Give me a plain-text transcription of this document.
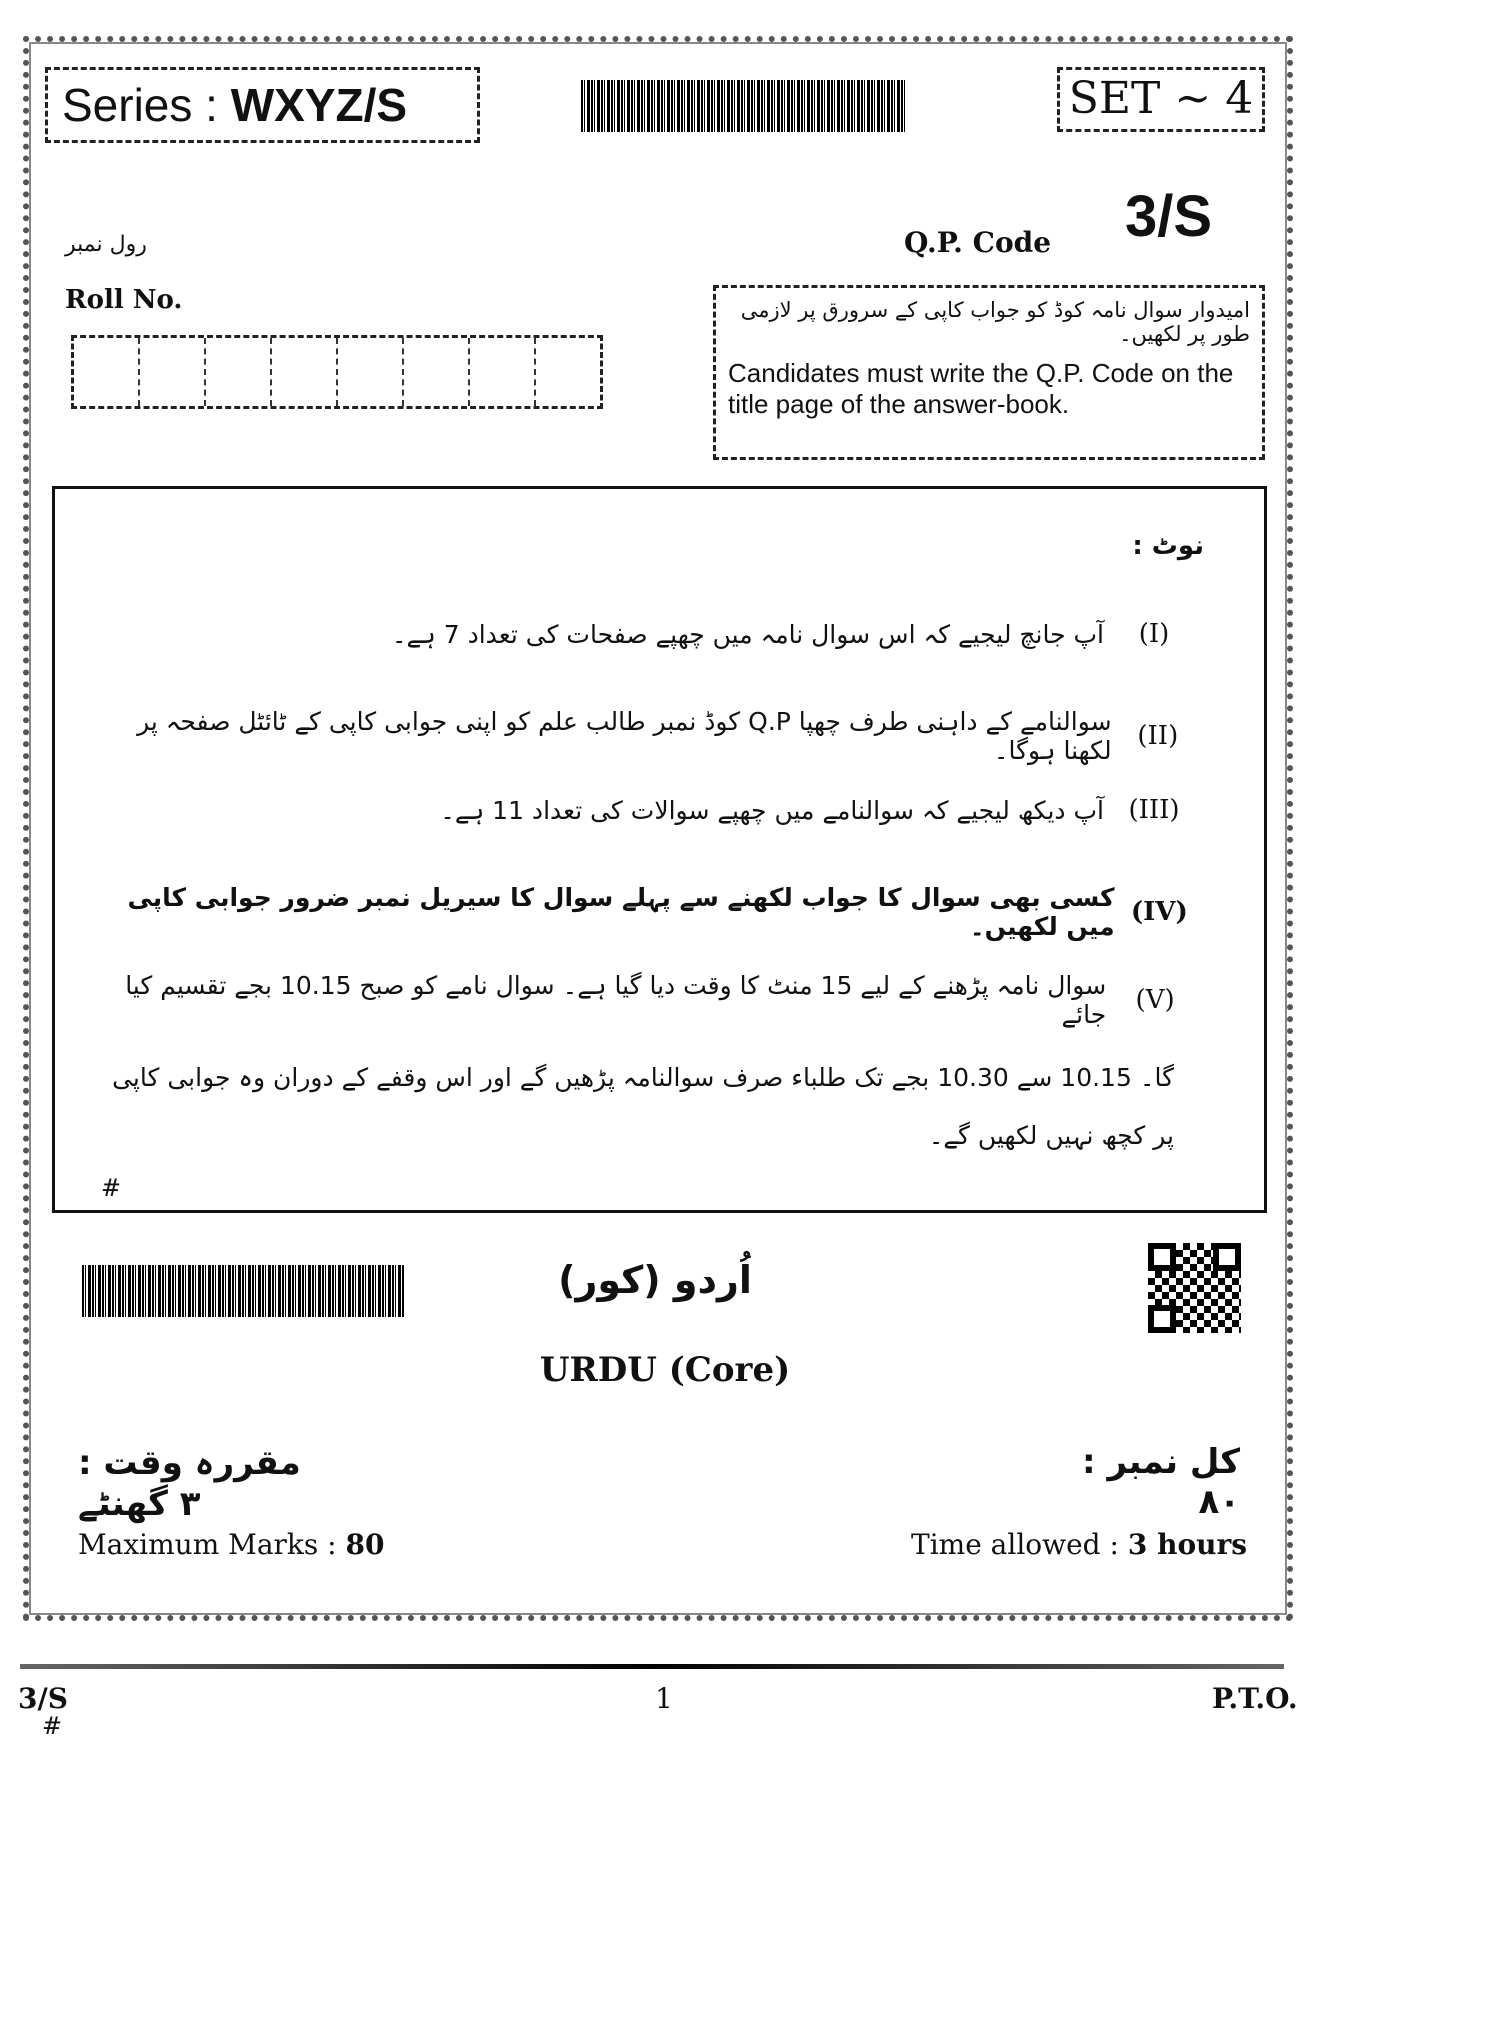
Series : WXYZ/S	SET ~ 4
Q.P. Code 3/S
رول نمبر
Roll No.	امیدوار سوال نامہ کوڈ کو جواب کاپی کے سرورق پر لازمی طور پر لکھیں۔
Candidates must write the Q.P. Code on the title page of the answer-book.
نوٹ :
(I)
آپ جانچ لیجیے کہ اس سوال نامہ میں چھپے صفحات کی تعداد 7 ہے۔
(II)
سوالنامے کے داہنی طرف چھپا Q.P کوڈ نمبر طالب علم کو اپنی جوابی کاپی کے ٹائٹل صفحہ پر لکھنا ہوگا۔
(III)
آپ دیکھ لیجیے کہ سوالنامے میں چھپے سوالات کی تعداد 11 ہے۔
(IV)
کسی بھی سوال کا جواب لکھنے سے پہلے سوال کا سیریل نمبر ضرور جوابی کاپی میں لکھیں۔
(V)
سوال نامہ پڑھنے کے لیے 15 منٹ کا وقت دیا گیا ہے۔ سوال نامے کو صبح 10.15 بجے تقسیم کیا جائے
گا۔ 10.15 سے 10.30 بجے تک طلباء صرف سوالنامہ پڑھیں گے اور اس وقفے کے دوران وہ جوابی کاپی پر کچھ نہیں لکھیں گے۔
#
اُردو (کور)
URDU (Core)
مقررہ وقت : ۳ گھنٹے
کل نمبر : ۸۰
Maximum Marks : 80	Time allowed : 3 hours
3/S
#
1	P.T.O.
